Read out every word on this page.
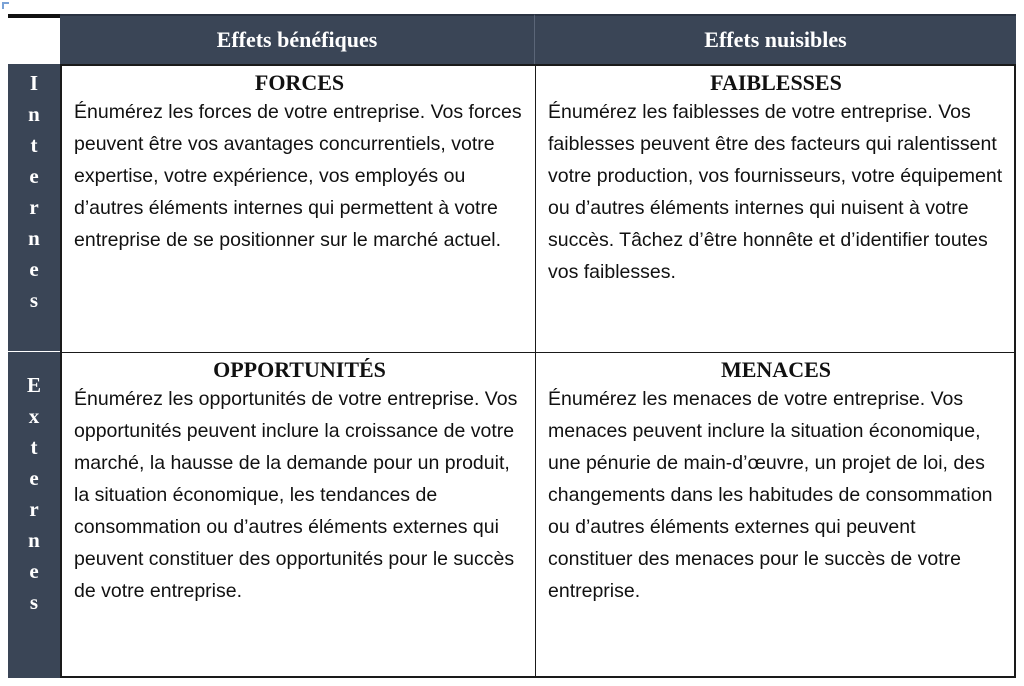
Effets bénéfiques	Effets nuisibles
I
n
t
e
r
n
e
s
E
x
t
e
r
n
e
s
FORCES

Énumérez les forces de votre entreprise. Vos forces peuvent être vos avantages concurrentiels, votre expertise, votre expérience, vos employés ou d’autres éléments internes qui permettent à votre entreprise de se positionner sur le marché actuel.

FAIBLESSES

Énumérez les faiblesses de votre entreprise. Vos faiblesses peuvent être des facteurs qui ralentissent votre production, vos fournisseurs, votre équipement ou d’autres éléments internes qui nuisent à votre succès. Tâchez d’être honnête et d’identifier toutes vos faiblesses.

OPPORTUNITÉS

Énumérez les opportunités de votre entreprise. Vos opportunités peuvent inclure la croissance de votre marché, la hausse de la demande pour un produit, la situation économique, les tendances de consommation ou d’autres éléments externes qui peuvent constituer des opportunités pour le succès de votre entreprise.

MENACES

Énumérez les menaces de votre entreprise. Vos menaces peuvent inclure la situation économique, une pénurie de main-d’œuvre, un projet de loi, des changements dans les habitudes de consommation ou d’autres éléments externes qui peuvent constituer des menaces pour le succès de votre entreprise.
